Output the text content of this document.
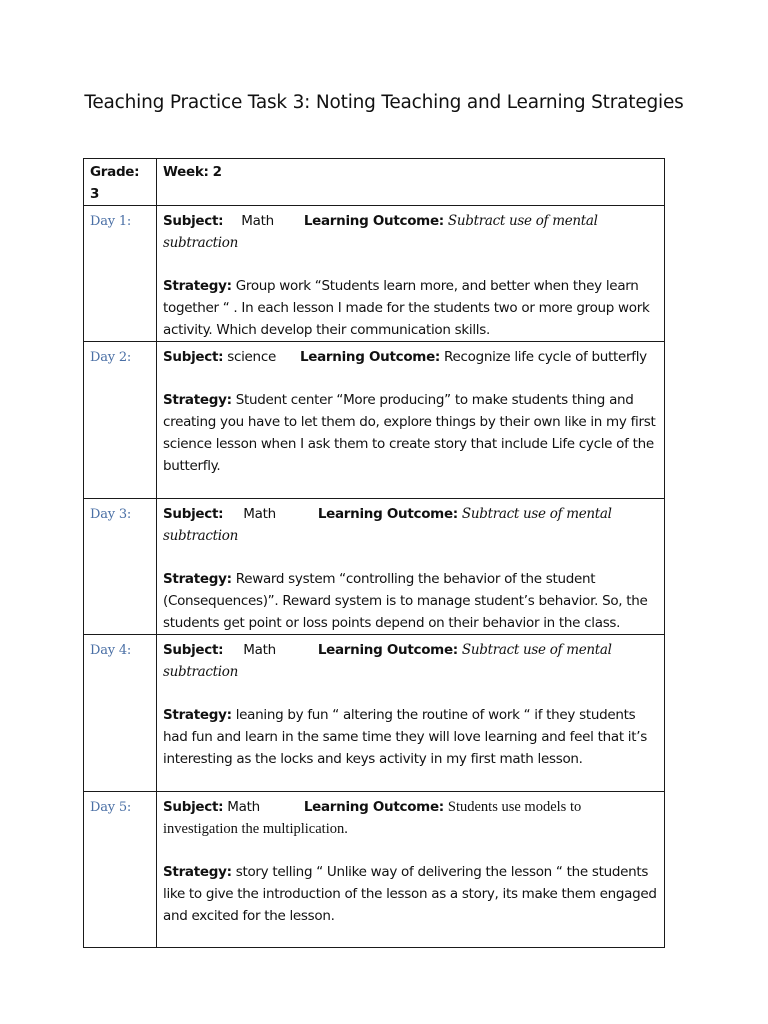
Teaching Practice Task 3: Noting Teaching and Learning Strategies
Grade: 3	Week: 2
Day 1:	Subject: Math Learning Outcome: Subtract use of mental subtraction
Strategy: Group work “Students learn more, and better when they learn together “ . In each lesson I made for the students two or more group work activity. Which develop their communication skills.

Day 2:	Subject: science Learning Outcome: Recognize life cycle of butterfly
Strategy: Student center “More producing” to make students thing and creating you have to let them do, explore things by their own like in my first science lesson when I ask them to create story that include Life cycle of the butterfly.

Day 3:	Subject: Math Learning Outcome: Subtract use of mental subtraction
Strategy: Reward system “controlling the behavior of the student (Consequences)”. Reward system is to manage student’s behavior. So, the students get point or loss points depend on their behavior in the class.

Day 4:	Subject: Math Learning Outcome: Subtract use of mental subtraction
Strategy: leaning by fun “ altering the routine of work “ if they students had fun and learn in the same time they will love learning and feel that it’s interesting as the locks and keys activity in my first math lesson.

Day 5:	Subject: Math Learning Outcome: Students use models to investigation the multiplication.
Strategy: story telling “ Unlike way of delivering the lesson “ the students like to give the introduction of the lesson as a story, its make them engaged and excited for the lesson.
